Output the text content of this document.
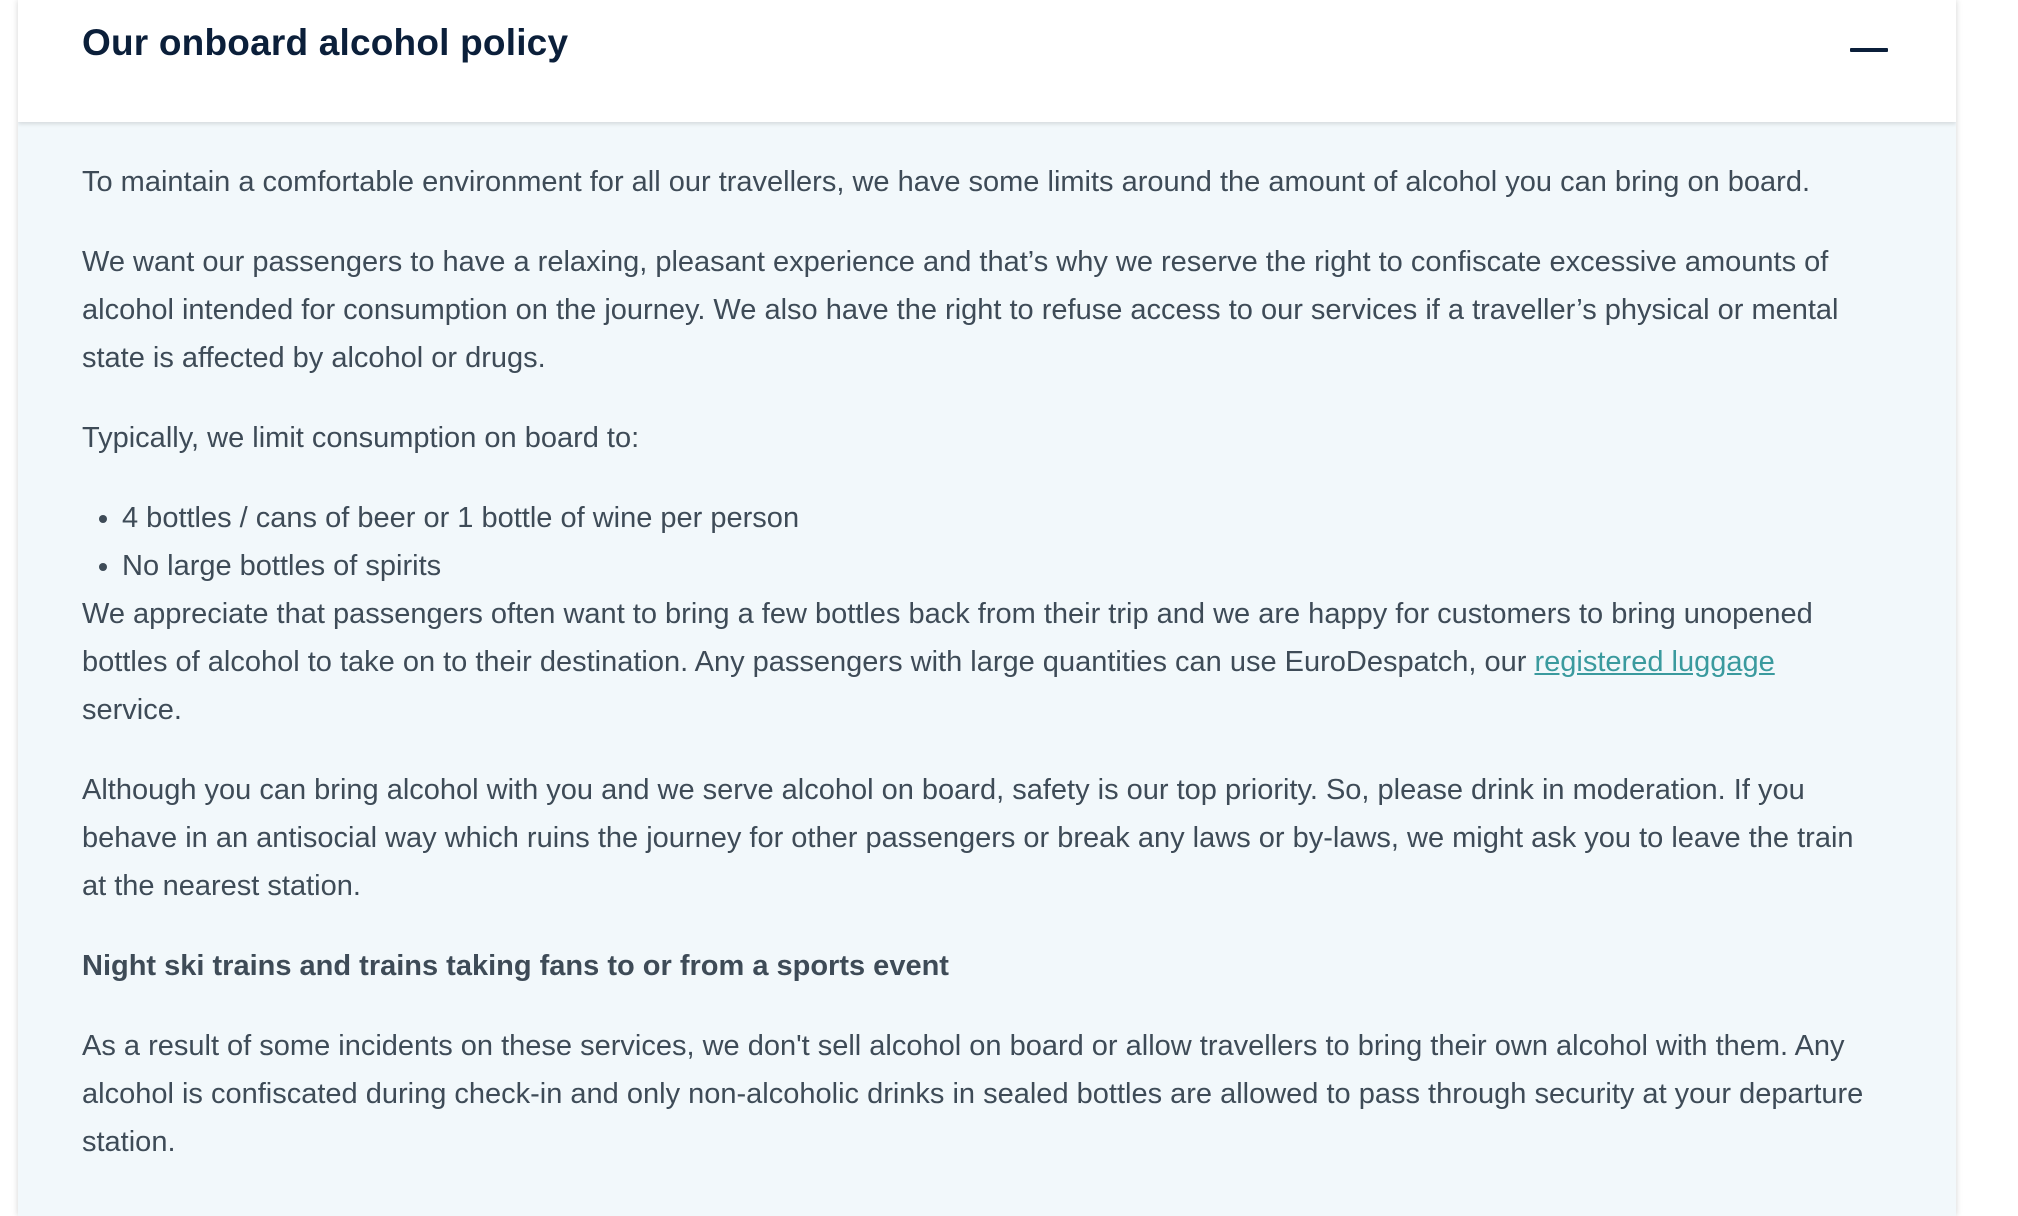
Our onboard alcohol policy

To maintain a comfortable environment for all our travellers, we have some limits around the amount of alcohol you can bring on board.

We want our passengers to have a relaxing, pleasant experience and that’s why we reserve the right to confiscate excessive amounts of alcohol intended for consumption on the journey. We also have the right to refuse access to our services if a traveller’s physical or mental state is affected by alcohol or drugs.

Typically, we limit consumption on board to:

• 4 bottles / cans of beer or 1 bottle of wine per person
• No large bottles of spirits

We appreciate that passengers often want to bring a few bottles back from their trip and we are happy for customers to bring unopened bottles of alcohol to take on to their destination. Any passengers with large quantities can use EuroDespatch, our registered luggage service.

Although you can bring alcohol with you and we serve alcohol on board, safety is our top priority. So, please drink in moderation. If you behave in an antisocial way which ruins the journey for other passengers or break any laws or by-laws, we might ask you to leave the train at the nearest station.

Night ski trains and trains taking fans to or from a sports event

As a result of some incidents on these services, we don't sell alcohol on board or allow travellers to bring their own alcohol with them. Any alcohol is confiscated during check-in and only non-alcoholic drinks in sealed bottles are allowed to pass through security at your departure station.
